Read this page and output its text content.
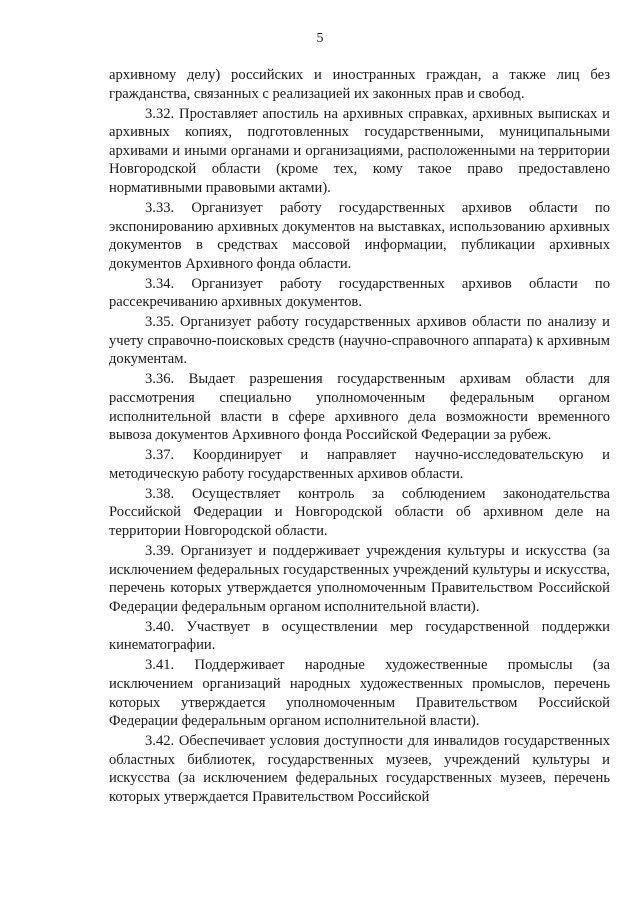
5

архивному делу) российских и иностранных граждан, а также лиц без гражданства, связанных с реализацией их законных прав и свобод.

3.32. Проставляет апостиль на архивных справках, архивных выписках и архивных копиях, подготовленных государственными, муниципальными архивами и иными органами и организациями, расположенными на территории Новгородской области (кроме тех, кому такое право предоставлено нормативными правовыми актами).

3.33. Организует работу государственных архивов области по экспонированию архивных документов на выставках, использованию архивных документов в средствах массовой информации, публикации архивных документов Архивного фонда области.

3.34. Организует работу государственных архивов области по рассекречиванию архивных документов.

3.35. Организует работу государственных архивов области по анализу и учету справочно-поисковых средств (научно-справочного аппарата) к архивным документам.

3.36. Выдает разрешения государственным архивам области для рассмотрения специально уполномоченным федеральным органом исполнительной власти в сфере архивного дела возможности временного вывоза документов Архивного фонда Российской Федерации за рубеж.

3.37. Координирует и направляет научно-исследовательскую и методическую работу государственных архивов области.

3.38. Осуществляет контроль за соблюдением законодательства Российской Федерации и Новгородской области об архивном деле на территории Новгородской области.

3.39. Организует и поддерживает учреждения культуры и искусства (за исключением федеральных государственных учреждений культуры и искусства, перечень которых утверждается уполномоченным Правительством Российской Федерации федеральным органом исполнительной власти).

3.40. Участвует в осуществлении мер государственной поддержки кинематографии.

3.41. Поддерживает народные художественные промыслы (за исключением организаций народных художественных промыслов, перечень которых утверждается уполномоченным Правительством Российской Федерации федеральным органом исполнительной власти).

3.42. Обеспечивает условия доступности для инвалидов государственных областных библиотек, государственных музеев, учреждений культуры и искусства (за исключением федеральных государственных музеев, перечень которых утверждается Правительством Российской
